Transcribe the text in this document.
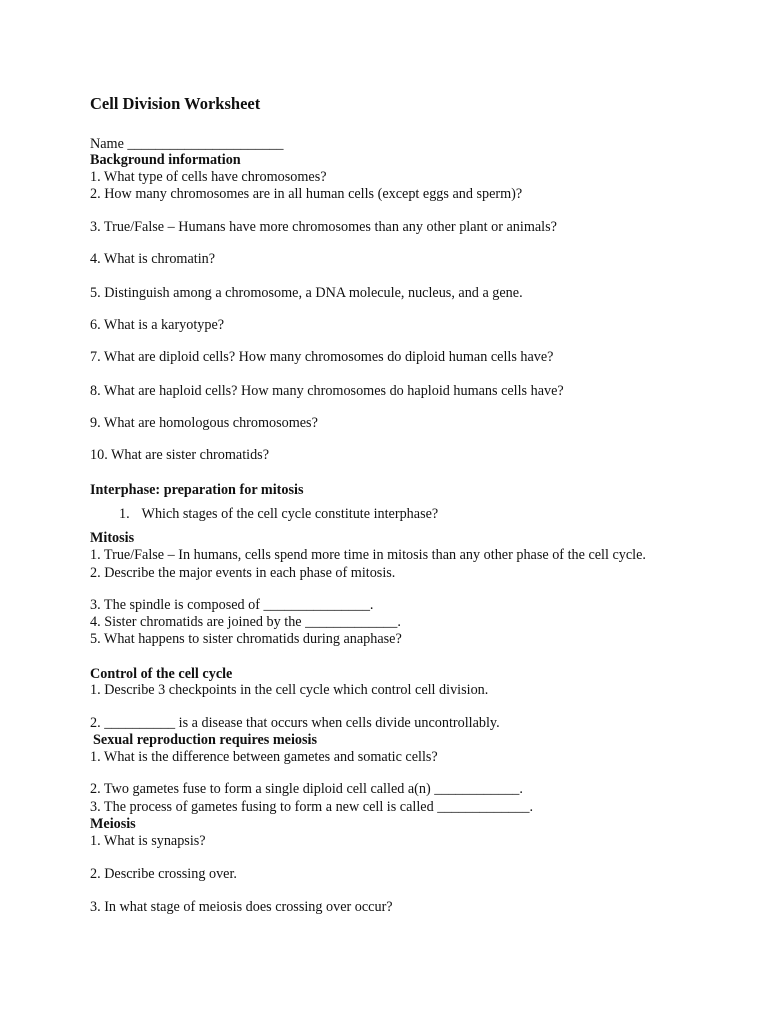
Cell Division Worksheet
Name ______________________
Background information
1. What type of cells have chromosomes?
2. How many chromosomes are in all human cells (except eggs and sperm)?
3. True/False – Humans have more chromosomes than any other plant or animals?
4. What is chromatin?
5. Distinguish among a chromosome, a DNA molecule, nucleus, and a gene.
6. What is a karyotype?
7. What are diploid cells? How many chromosomes do diploid human cells have?
8. What are haploid cells? How many chromosomes do haploid humans cells have?
9. What are homologous chromosomes?
10. What are sister chromatids?
Interphase: preparation for mitosis
1. Which stages of the cell cycle constitute interphase?
Mitosis
1. True/False – In humans, cells spend more time in mitosis than any other phase of the cell cycle.
2. Describe the major events in each phase of mitosis.
3. The spindle is composed of _______________.
4. Sister chromatids are joined by the _____________.
5. What happens to sister chromatids during anaphase?
Control of the cell cycle
1. Describe 3 checkpoints in the cell cycle which control cell division.
2. __________ is a disease that occurs when cells divide uncontrollably.
Sexual reproduction requires meiosis
1. What is the difference between gametes and somatic cells?
2. Two gametes fuse to form a single diploid cell called a(n) ____________.
3. The process of gametes fusing to form a new cell is called _____________.
Meiosis
1. What is synapsis?
2. Describe crossing over.
3. In what stage of meiosis does crossing over occur?
